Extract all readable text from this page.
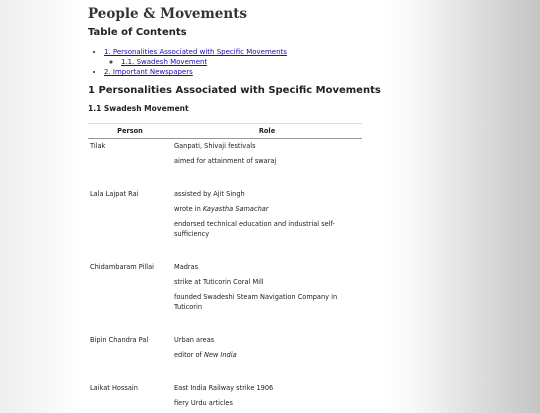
People & Movements
Table of Contents
• 1. Personalities Associated with Specific Movements
◦ 1.1. Swadesh Movement
• 2. Important Newspapers
1 Personalities Associated with Specific Movements
1.1 Swadesh Movement
Person	Role
Tilak	Ganpati, Shivaji festivals
aimed for attainment of swaraj

Lala Lajpat Rai	assisted by Ajit Singh
wrote in Kayastha Samachar
endorsed technical education and industrial self-sufficiency

Chidambaram Pillai	Madras
strike at Tuticorin Coral Mill
founded Swadeshi Steam Navigation Company in Tuticorin

Bipin Chandra Pal	Urban areas
editor of New India

Laikat Hossain	East India Railway strike 1906
fiery Urdu articles
